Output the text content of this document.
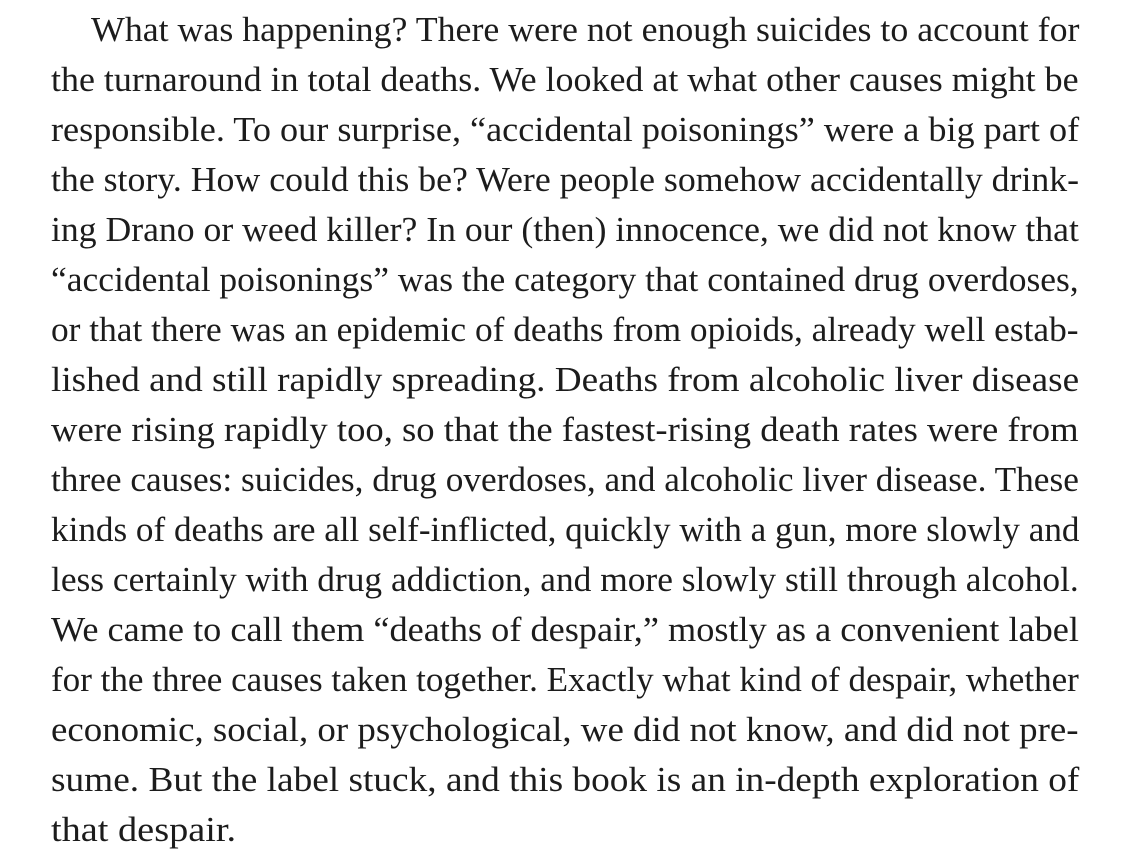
What was happening? There were not enough suicides to account for
the turnaround in total deaths. We looked at what other causes might be
responsible. To our surprise, “accidental poisonings” were a big part of
the story. How could this be? Were people somehow accidentally drink-
ing Drano or weed killer? In our (then) innocence, we did not know that
“accidental poisonings” was the category that contained drug overdoses,
or that there was an epidemic of deaths from opioids, already well estab-
lished and still rapidly spreading. Deaths from alcoholic liver disease
were rising rapidly too, so that the fastest-rising death rates were from
three causes: suicides, drug overdoses, and alcoholic liver disease. These
kinds of deaths are all self-inflicted, quickly with a gun, more slowly and
less certainly with drug addiction, and more slowly still through alcohol.
We came to call them “deaths of despair,” mostly as a convenient label
for the three causes taken together. Exactly what kind of despair, whether
economic, social, or psychological, we did not know, and did not pre-
sume. But the label stuck, and this book is an in-depth exploration of
that despair.
